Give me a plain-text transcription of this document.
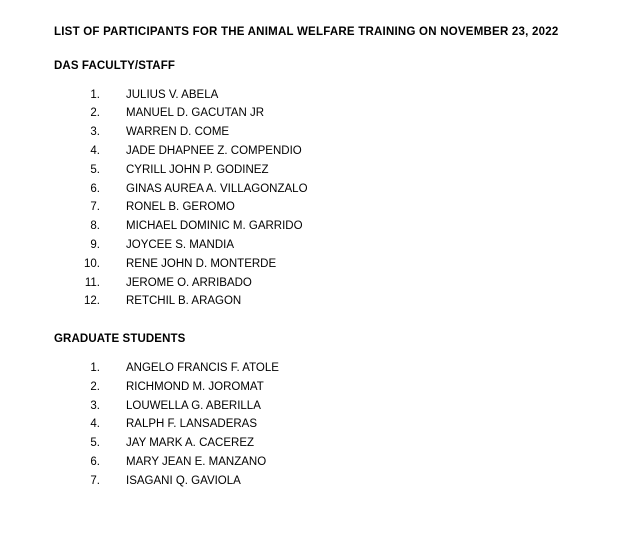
LIST OF PARTICIPANTS FOR THE ANIMAL WELFARE TRAINING ON NOVEMBER 23, 2022
DAS FACULTY/STAFF
1. JULIUS V. ABELA
2. MANUEL D. GACUTAN JR
3. WARREN D. COME
4. JADE DHAPNEE Z. COMPENDIO
5. CYRILL JOHN P. GODINEZ
6. GINAS AUREA A. VILLAGONZALO
7. RONEL B. GEROMO
8. MICHAEL DOMINIC M. GARRIDO
9. JOYCEE S. MANDIA
10. RENE JOHN D. MONTERDE
11. JEROME O. ARRIBADO
12. RETCHIL B. ARAGON
GRADUATE STUDENTS
1. ANGELO FRANCIS F. ATOLE
2. RICHMOND M. JOROMAT
3. LOUWELLA G. ABERILLA
4. RALPH F. LANSADERAS
5. JAY MARK A. CACEREZ
6. MARY JEAN E. MANZANO
7. ISAGANI Q. GAVIOLA
